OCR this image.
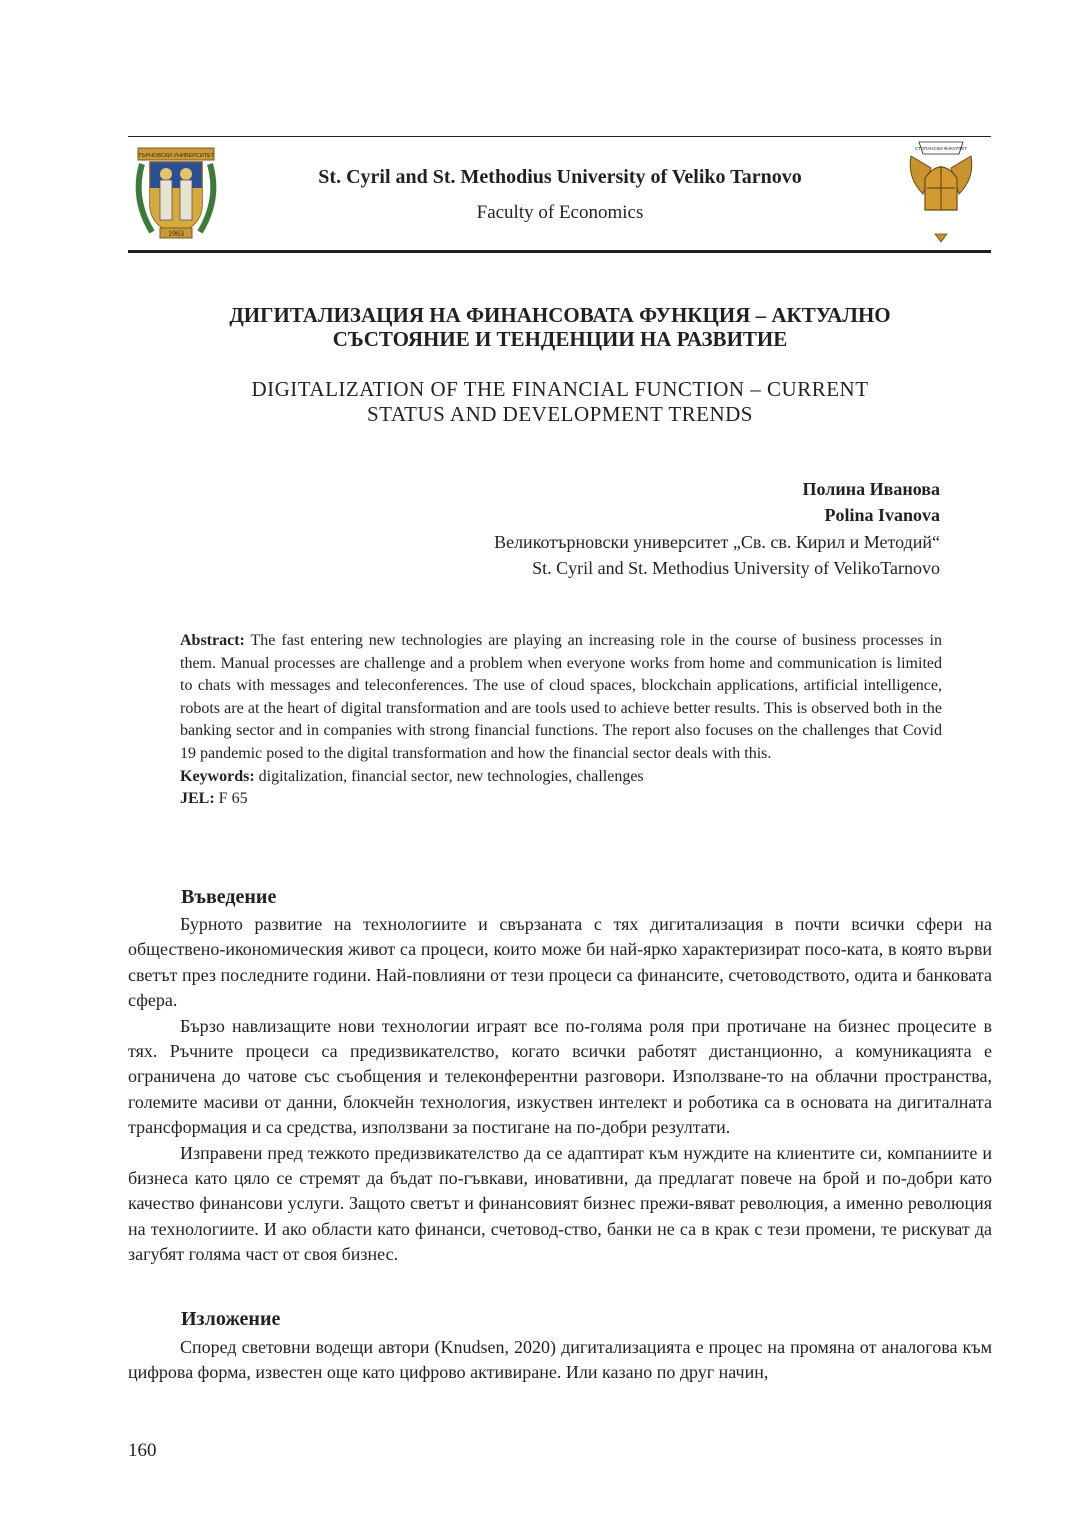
ТЪРНОВСКИ УНИВЕРСИТЕТ
1963
St. Cyril and St. Methodius University of Veliko Tarnovo
Faculty of Economics
СТОПАНСКИ ФАКУЛТЕТ
ДИГИТАЛИЗАЦИЯ НА ФИНАНСОВАТА ФУНКЦИЯ – АКТУАЛНО
СЪСТОЯНИЕ И ТЕНДЕНЦИИ НА РАЗВИТИЕ
DIGITALIZATION OF THE FINANCIAL FUNCTION – CURRENT
STATUS AND DEVELOPMENT TRENDS
Полина Иванова
Polina Ivanova
Великотърновски университет „Св. св. Кирил и Методий“
St. Cyril and St. Methodius University of VelikoTarnovo
Abstract: The fast entering new technologies are playing an increasing role in the course of business processes in them. Manual processes are challenge and a problem when everyone works from home and communication is limited to chats with messages and teleconferences. The use of cloud spaces, blockchain applications, artificial intelligence, robots are at the heart of digital transformation and are tools used to achieve better results. This is observed both in the banking sector and in companies with strong financial functions. The report also focuses on the challenges that Covid 19 pandemic posed to the digital transformation and how the financial sector deals with this.
Keywords: digitalization, financial sector, new technologies, challenges
JEL: F 65
Въведение

Бурното развитие на технологиите и свързаната с тях дигитализация в почти всички сфери на обществено-икономическия живот са процеси, които може би най-ярко характеризират посо-ката, в която върви светът през последните години. Най-повлияни от тези процеси са финансите, счетоводството, одита и банковата сфера.

Бързо навлизащите нови технологии играят все по-голяма роля при протичане на бизнес процесите в тях. Ръчните процеси са предизвикателство, когато всички работят дистанционно, а комуникацията е ограничена до чатове със съобщения и телеконферентни разговори. Използване-то на облачни пространства, големите масиви от данни, блокчейн технология, изкуствен интелект и роботика са в основата на дигиталната трансформация и са средства, използвани за постигане на по-добри резултати.

Изправени пред тежкото предизвикателство да се адаптират към нуждите на клиентите си, компаниите и бизнеса като цяло се стремят да бъдат по-гъвкави, иновативни, да предлагат повече на брой и по-добри като качество финансови услуги. Защото светът и финансовият бизнес прежи-вяват революция, а именно революция на технологиите. И ако области като финанси, счетовод-ство, банки не са в крак с тези промени, те рискуват да загубят голяма част от своя бизнес.

Изложение

Според световни водещи автори (Knudsen, 2020) дигитализацията е процес на промяна от аналогова към цифрова форма, известен още като цифрово активиране. Или казано по друг начин,

160
